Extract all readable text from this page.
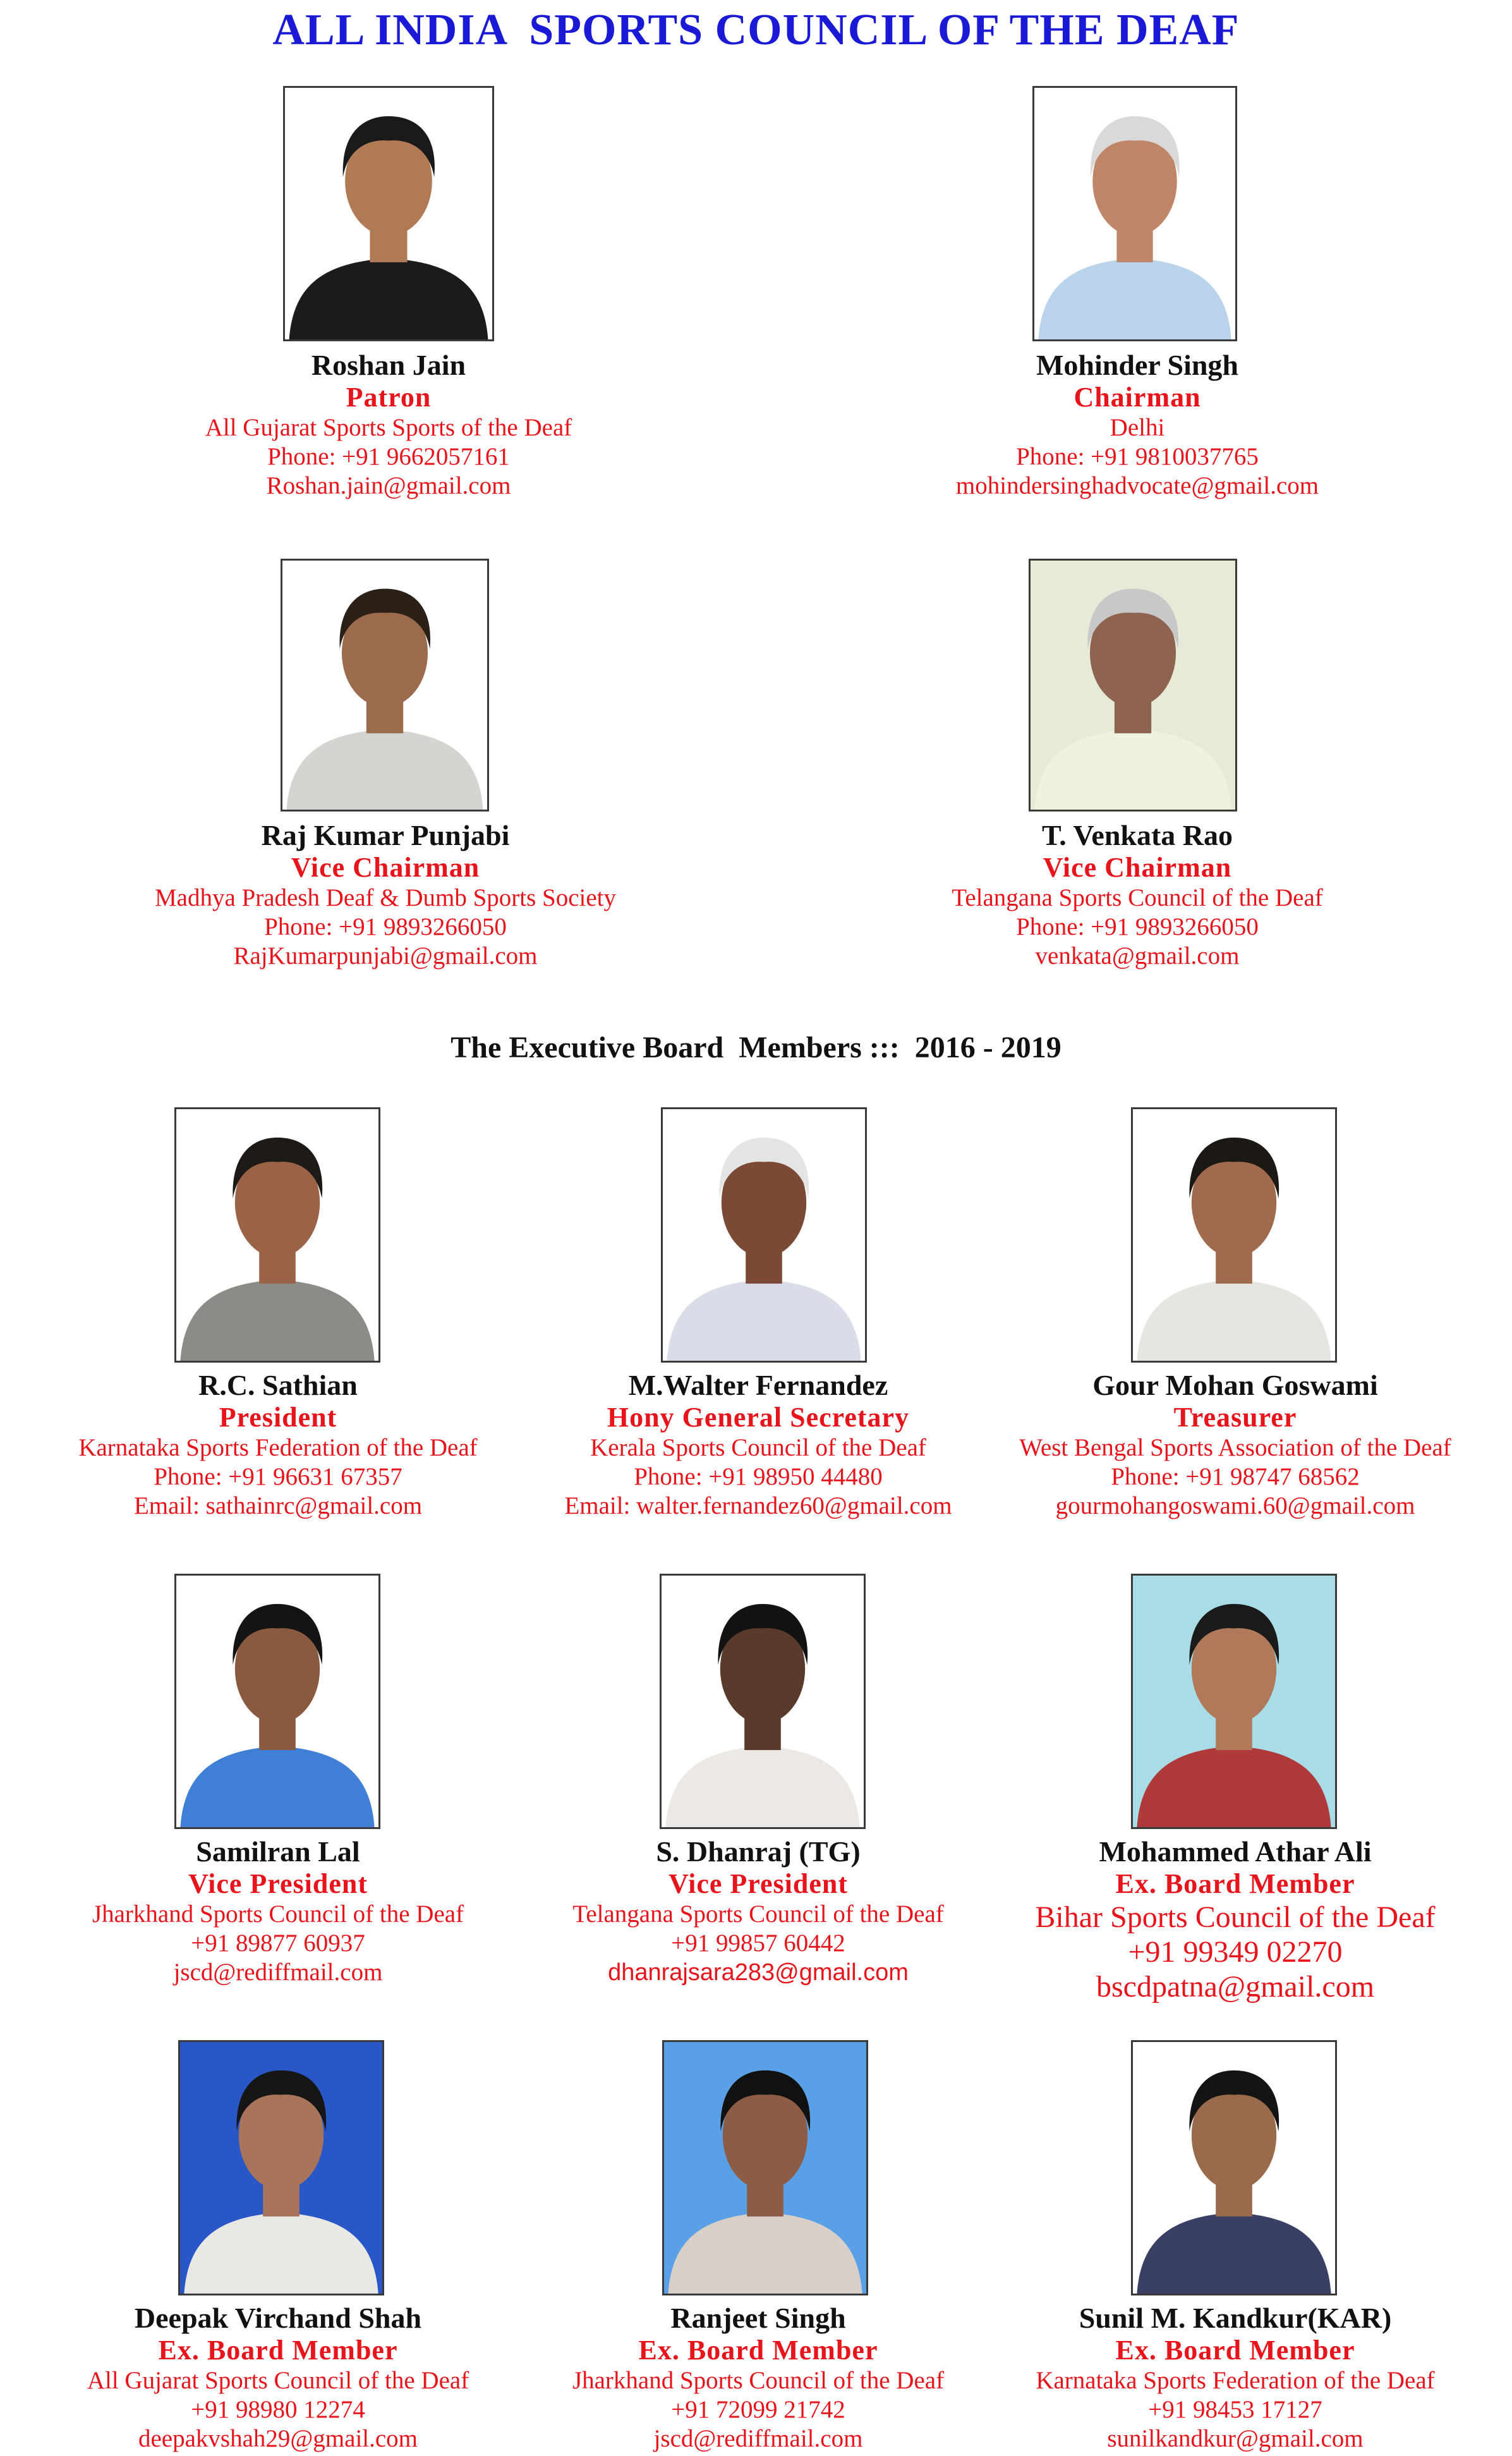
ALL INDIA  SPORTS COUNCIL OF THE DEAF
The Executive Board  Members :::  2016 - 2019
Roshan Jain
Patron
All Gujarat Sports Sports of the Deaf
Phone: +91 9662057161
Roshan.jain@gmail.com
Mohinder Singh
Chairman
Delhi
Phone: +91 9810037765
mohindersinghadvocate@gmail.com
Raj Kumar Punjabi
Vice Chairman
Madhya Pradesh Deaf & Dumb Sports Society
Phone: +91 9893266050
RajKumarpunjabi@gmail.com
T. Venkata Rao
Vice Chairman
Telangana Sports Council of the Deaf
Phone: +91 9893266050
venkata@gmail.com
R.C. Sathian
President
Karnataka Sports Federation of the Deaf
Phone: +91 96631 67357
Email: sathainrc@gmail.com
M.Walter Fernandez
Hony General Secretary
Kerala Sports Council of the Deaf
Phone: +91 98950 44480
Email: walter.fernandez60@gmail.com
Gour Mohan Goswami
Treasurer
West Bengal Sports Association of the Deaf
Phone: +91 98747 68562
gourmohangoswami.60@gmail.com
Samilran Lal
Vice President
Jharkhand Sports Council of the Deaf
+91 89877 60937
jscd@rediffmail.com
S. Dhanraj (TG)
Vice President
Telangana Sports Council of the Deaf
+91 99857 60442
dhanrajsara283@gmail.com
Mohammed Athar Ali
Ex. Board Member
Bihar Sports Council of the Deaf
+91 99349 02270
bscdpatna@gmail.com
Deepak Virchand Shah
Ex. Board Member
All Gujarat Sports Council of the Deaf
+91 98980 12274
deepakvshah29@gmail.com
Ranjeet Singh
Ex. Board Member
Jharkhand Sports Council of the Deaf
+91 72099 21742
jscd@rediffmail.com
Sunil M. Kandkur(KAR)
Ex. Board Member
Karnataka Sports Federation of the Deaf
+91 98453 17127
sunilkandkur@gmail.com
